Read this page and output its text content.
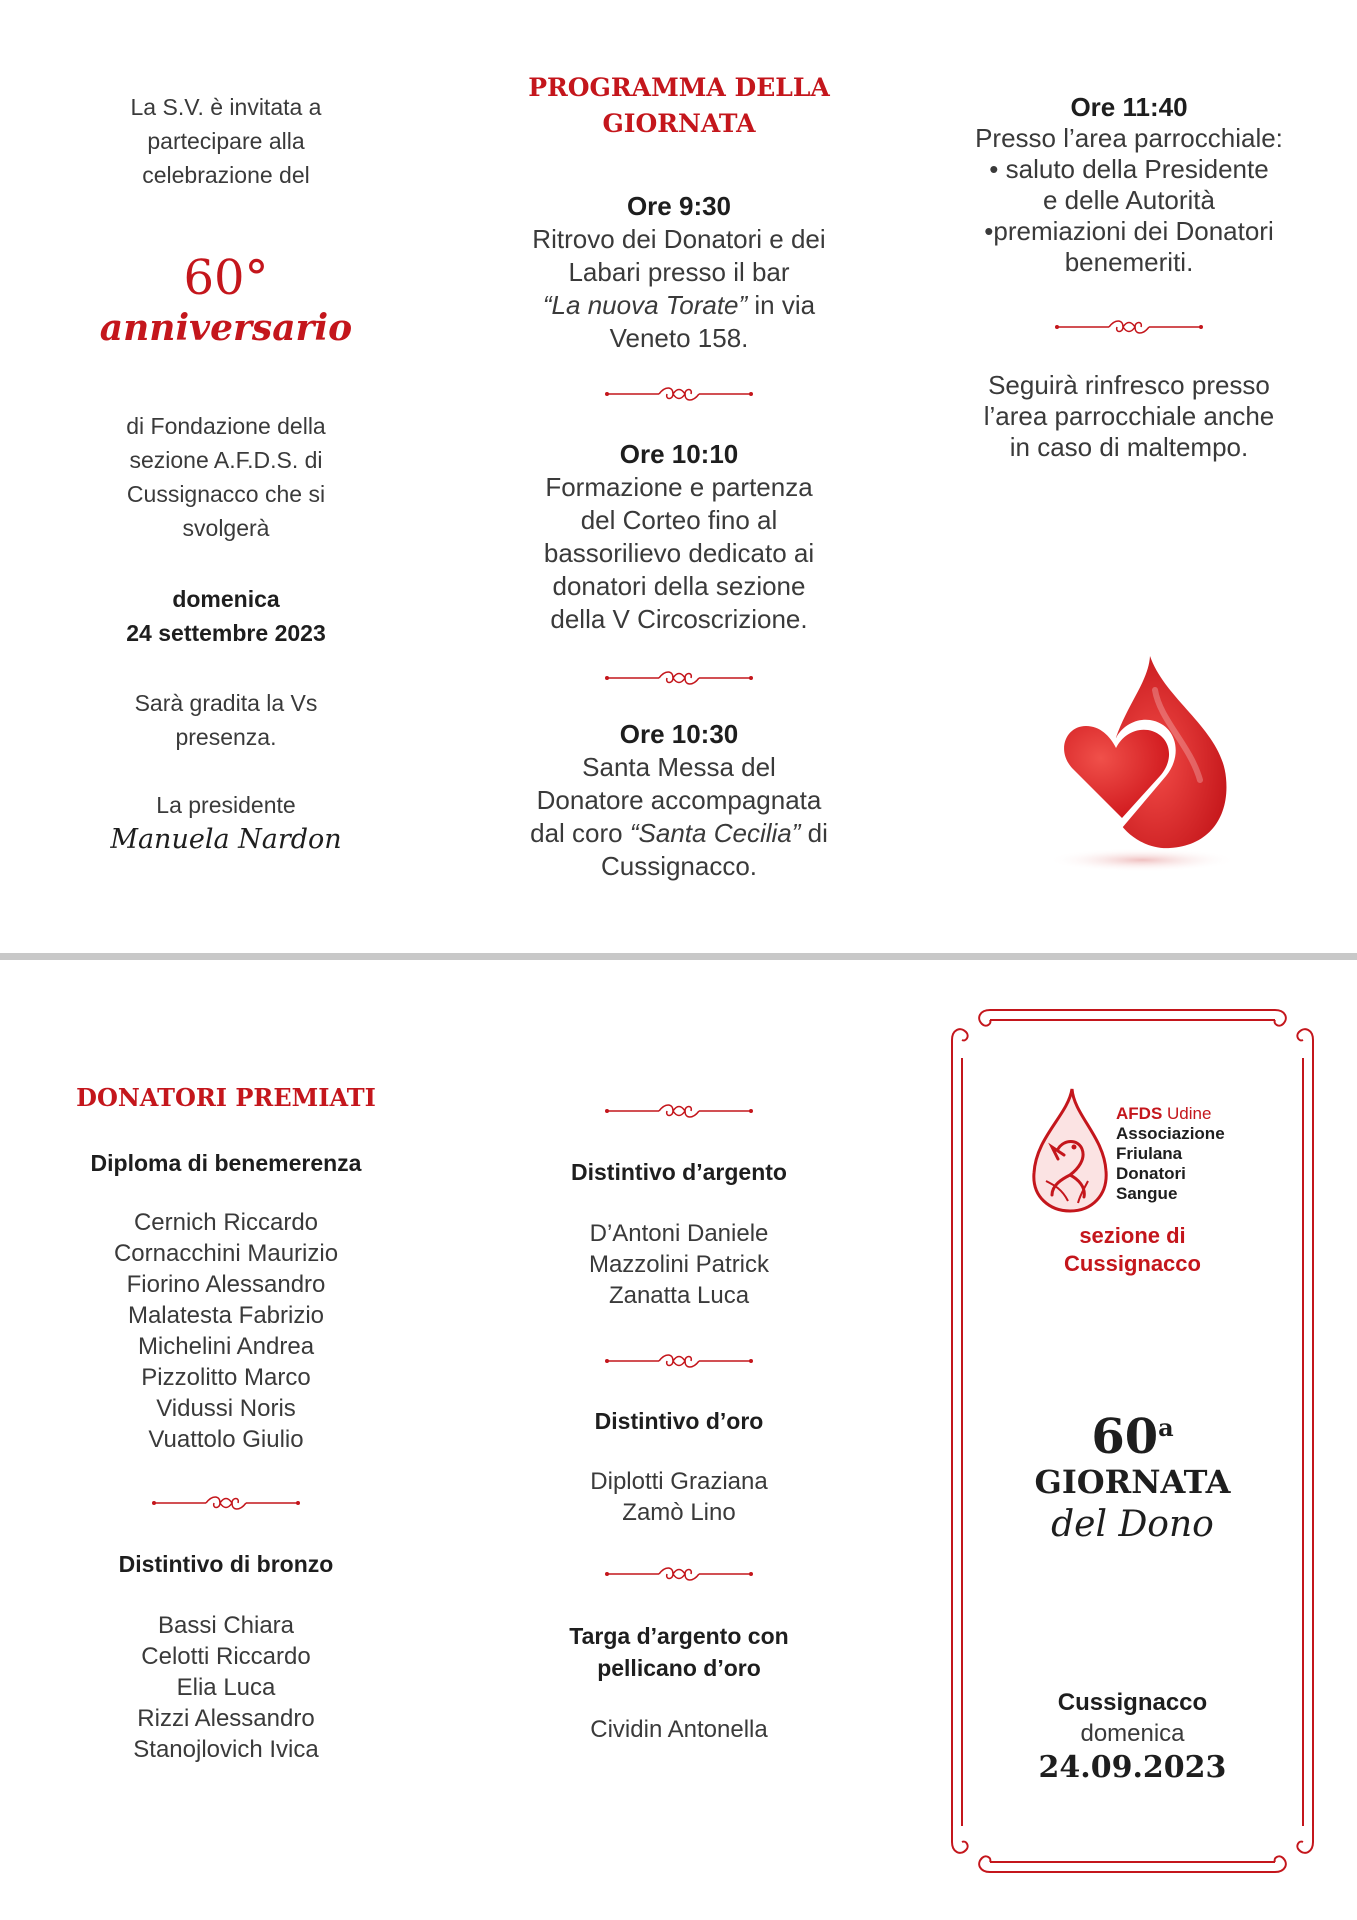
La S.V. è invitata a
partecipare alla
celebrazione del
60°
anniversario
di Fondazione della
sezione A.F.D.S. di
Cussignacco che si
svolgerà
domenica
24 settembre 2023
Sarà gradita la Vs
presenza.
La presidente
Manuela Nardon
PROGRAMMA DELLA
GIORNATA
Ore 9:30
Ritrovo dei Donatori e dei
Labari presso il bar
“La nuova Torate” in via
Veneto 158.
Ore 10:10
Formazione e partenza
del Corteo fino al
bassorilievo dedicato ai
donatori della sezione
della V Circoscrizione.
Ore 10:30
Santa Messa del
Donatore accompagnata
dal coro “Santa Cecilia” di
Cussignacco.
Ore 11:40
Presso l’area parrocchiale:
• saluto della Presidente
e delle Autorità
•premiazioni dei Donatori
benemeriti.
Seguirà rinfresco presso
l’area parrocchiale anche
in caso di maltempo.
DONATORI PREMIATI
Diploma di benemerenza
Cernich Riccardo
Cornacchini Maurizio
Fiorino Alessandro
Malatesta Fabrizio
Michelini Andrea
Pizzolitto Marco
Vidussi Noris
Vuattolo Giulio
Distintivo di bronzo
Bassi Chiara
Celotti Riccardo
Elia Luca
Rizzi Alessandro
Stanojlovich Ivica
Distintivo d’argento
D’Antoni Daniele
Mazzolini Patrick
Zanatta Luca
Distintivo d’oro
Diplotti Graziana
Zamò Lino
Targa d’argento con
pellicano d’oro
Cividin Antonella
AFDS Udine
Associazione
Friulana
Donatori
Sangue
sezione di
Cussignacco
60$^a$
GIORNATA
del Dono
Cussignacco
domenica
24.09.2023
